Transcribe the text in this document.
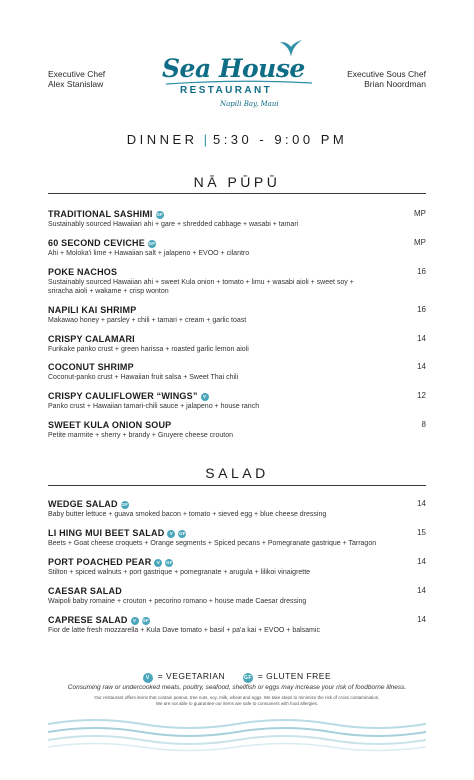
Executive Chef
Alex Stanislaw
Executive Sous Chef
Brian Noordman
Sea House
RESTAURANT
Napili Bay, Maui
DINNER | 5:30 - 9:00 PM
NĀ PŪPŪ
TRADITIONAL SASHIMI GF
Sustainably sourced Hawaiian ahi + gare + shredded cabbage + wasabi + tamari
MP
60 SECOND CEVICHE GF
Ahi + Moloka'i lime + Hawaiian salt + jalapeno + EVOO + cilantro
MP
POKE NACHOS
Sustainably sourced Hawaiian ahi + sweet Kula onion + tomato + limu + wasabi aioli + sweet soy + sriracha aioli + wakame + crisp wonton
16
NAPILI KAI SHRIMP
Makawao honey + parsley + chili + tamari + cream + garlic toast
16
CRISPY CALAMARI
Furikake panko crust + green harissa + roasted garlic lemon aioli
14
COCONUT SHRIMP
Coconut-panko crust + Hawaiian fruit salsa + Sweet Thai chili
14
CRISPY CAULIFLOWER “WINGS” V
Panko crust + Hawaiian tamari-chili sauce + jalapeno + house ranch
12
SWEET KULA ONION SOUP
Petite marmite + sherry + brandy + Gruyere cheese crouton
8
SALAD
WEDGE SALAD GF
Baby butter lettuce + guava smoked bacon + tomato + sieved egg + blue cheese dressing
14
LI HING MUI BEET SALAD V GF
Beets + Goat cheese croquets + Orange segments + Spiced pecans + Pomegranate gastrique + Tarragon
15
PORT POACHED PEAR V GF
Stilton + spiced walnuts + port gastrique + pomegranate + arugula + lilikoi vinaigrette
14
CAESAR SALAD
Waipoli baby romaine + crouton + pecorino romano + house made Caesar dressing
14
CAPRESE SALAD V GF
Fior de latte fresh mozzarella + Kula Dave tomato + basil + pa'a kai + EVOO + balsamic
14
V = VEGETARIAN	GF = GLUTEN FREE
Consuming raw or undercooked meats, poultry, seafood, shellfish or eggs may increase your risk of foodborne illness.
Our restaurant offers items that contain peanut, tree nuts, soy, milk, wheat and eggs. We take steps to minimize the risk of cross contamination.
We are not able to guarantee our items are safe to consumers with food allergies.
